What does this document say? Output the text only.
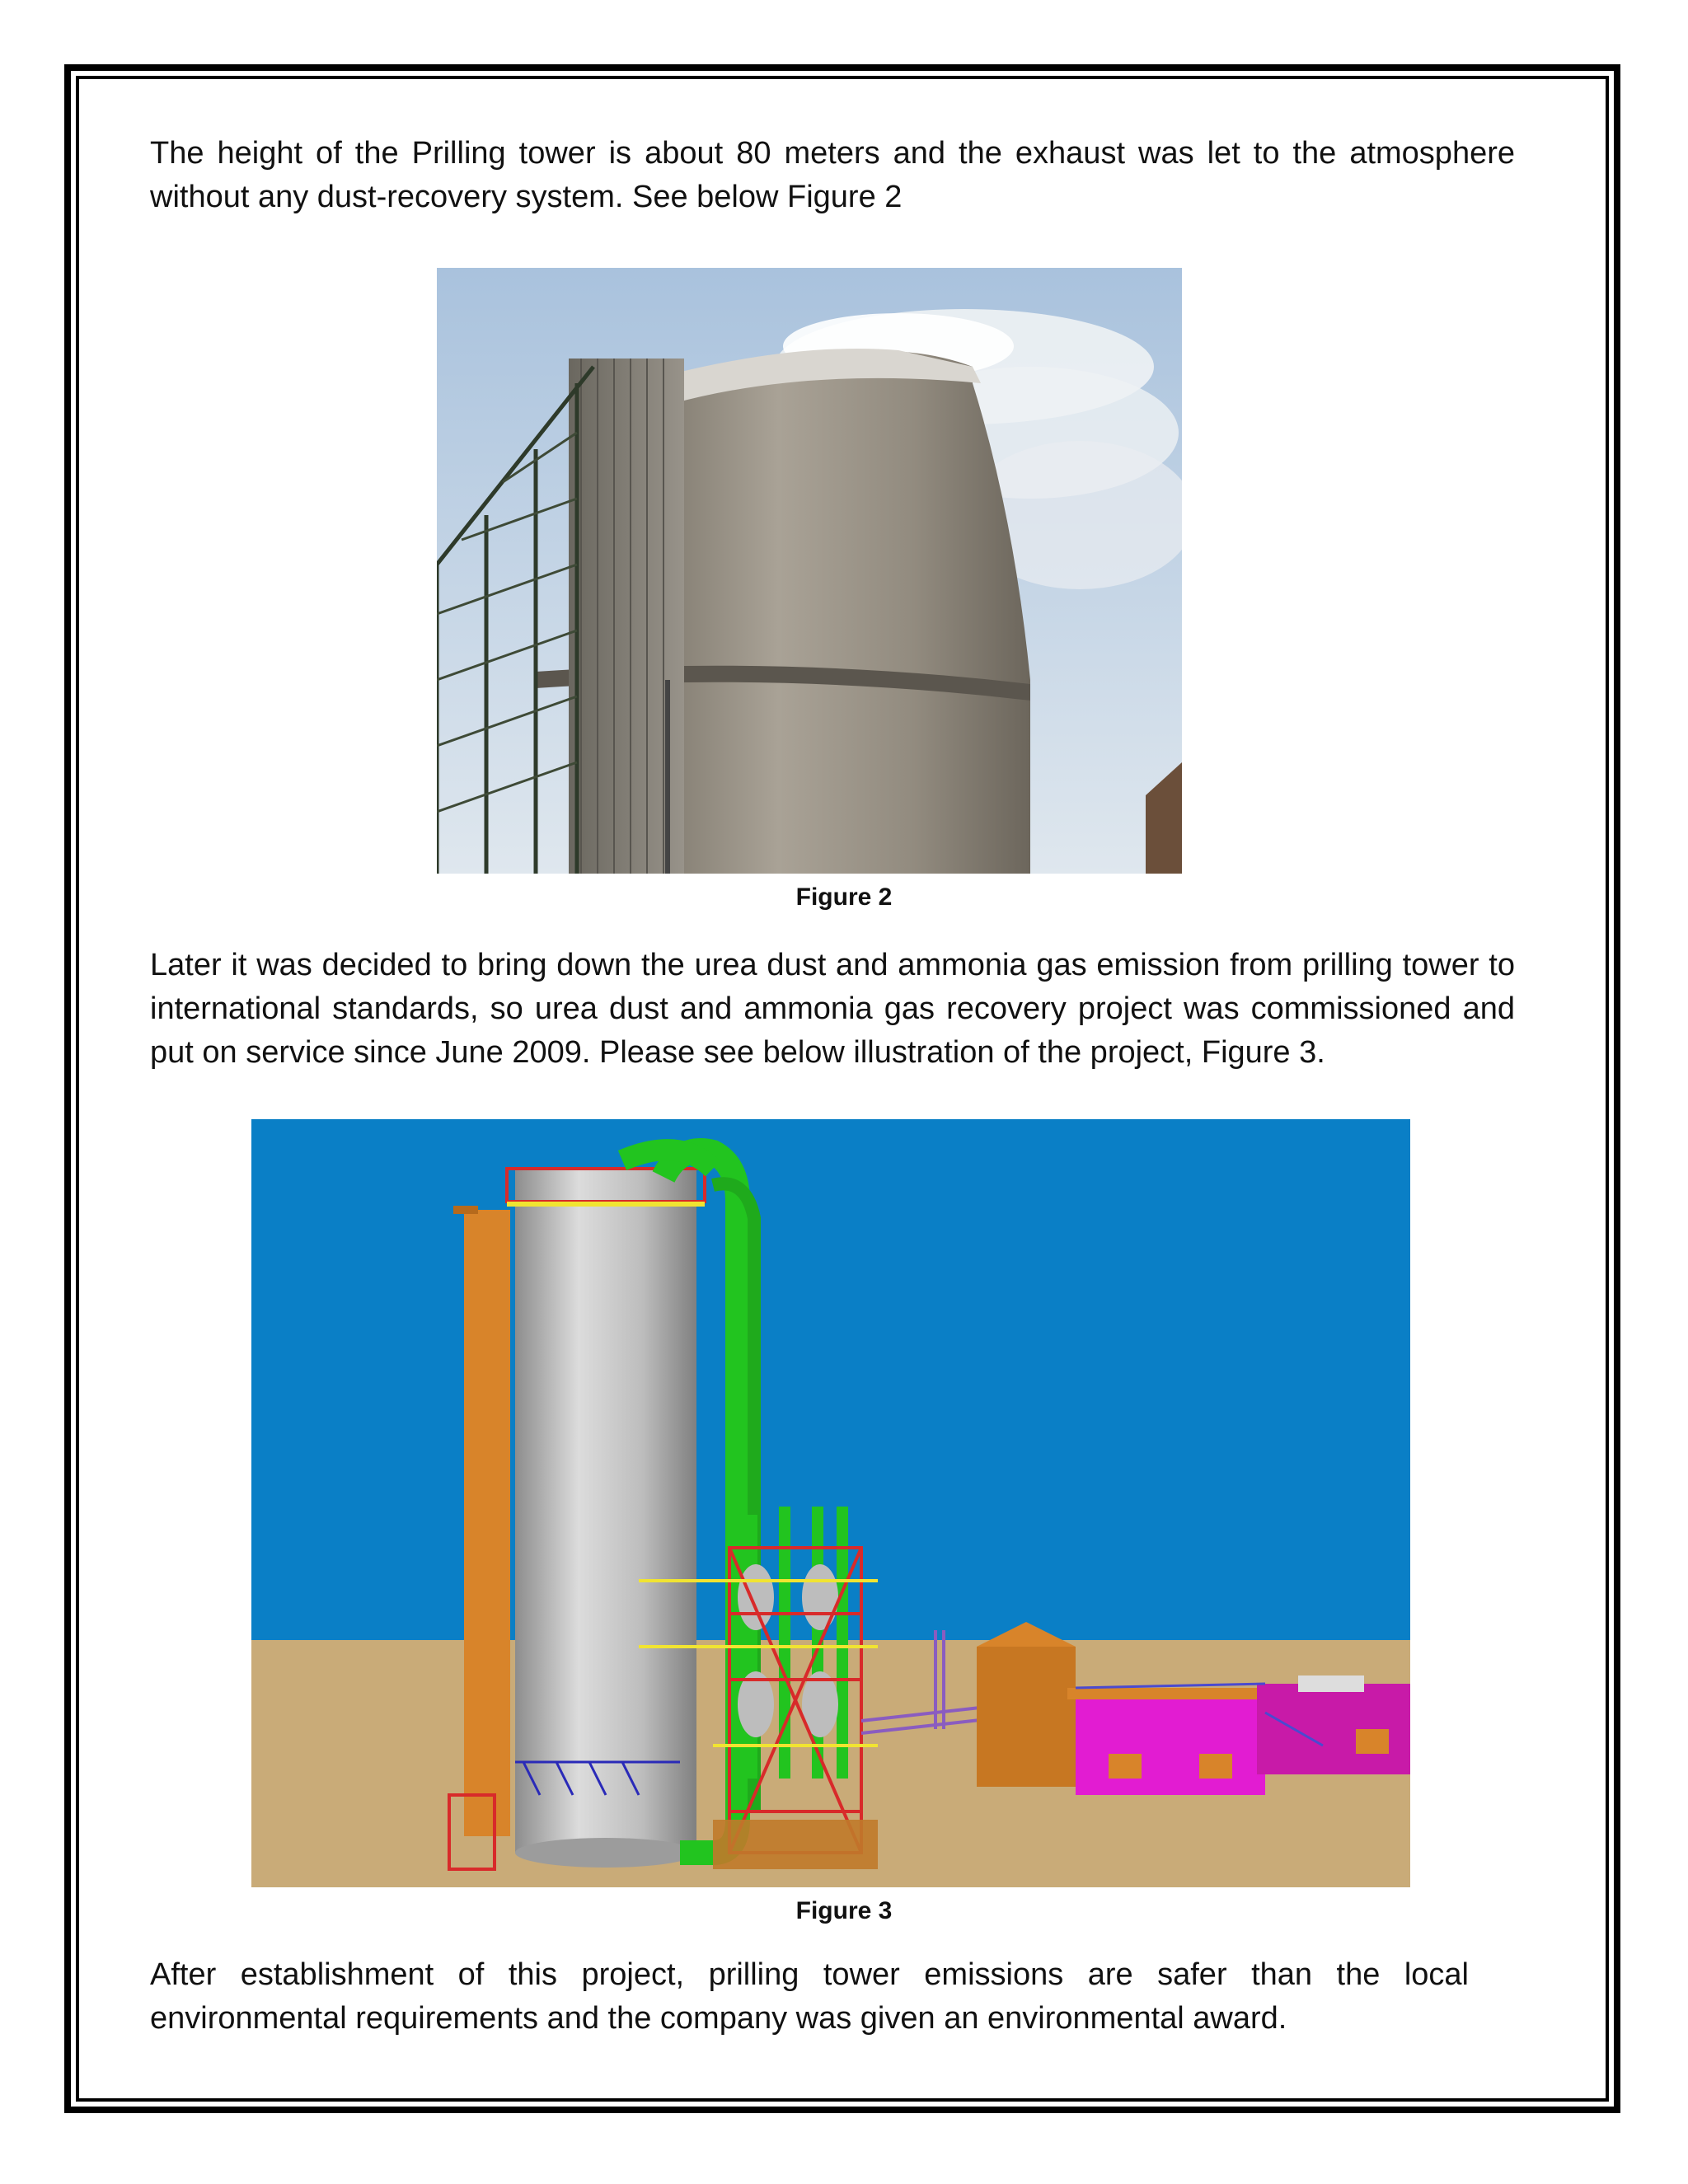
The height of the Prilling tower is about 80 meters and the exhaust was let to the atmosphere without any dust-recovery system. See below Figure 2

Figure 2

Later it was decided to bring down the urea dust and ammonia gas emission from prilling tower to international standards, so urea dust and ammonia gas recovery project was commissioned and put on service since June 2009. Please see below illustration of the project, Figure 3.

Figure 3

After establishment of this project, prilling tower emissions are safer than the local environmental requirements and the company was given an environmental award.
